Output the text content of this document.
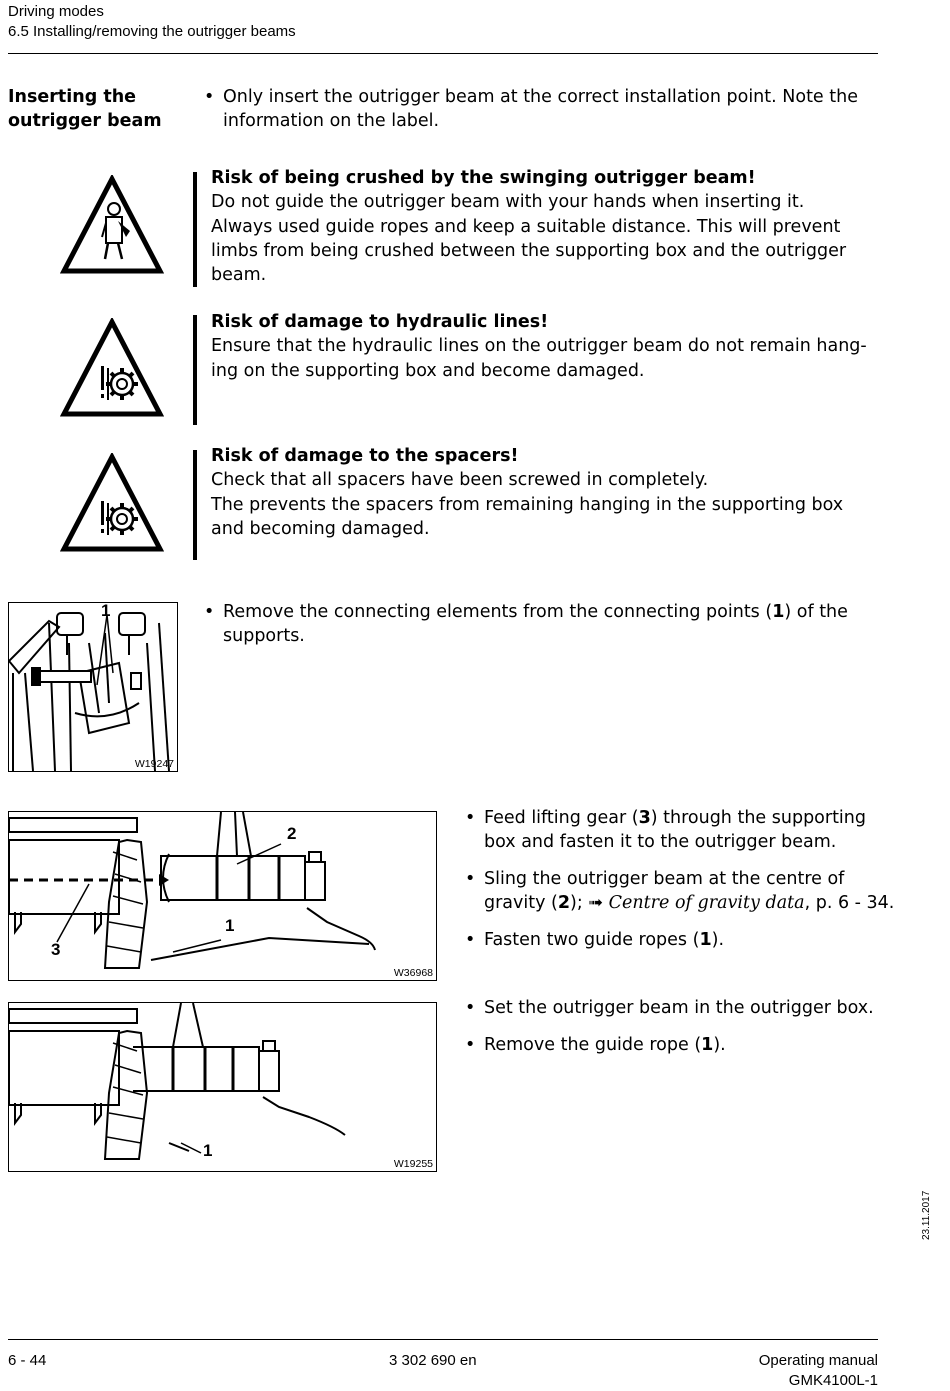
Driving modes
6.5 Installing/removing the outrigger beams
Inserting the
outrigger beam
• Only insert the outrigger beam at the correct installation point. Note the
information on the label.
Risk of being crushed by the swinging outrigger beam!
Do not guide the outrigger beam with your hands when inserting it.
Always used guide ropes and keep a suitable distance. This will prevent
limbs from being crushed between the supporting box and the outrigger
beam.
Risk of damage to hydraulic lines!
Ensure that the hydraulic lines on the outrigger beam do not remain hang-
ing on the supporting box and become damaged.
Risk of damage to the spacers!
Check that all spacers have been screwed in completely.
The prevents the spacers from remaining hanging in the supporting box
and becoming damaged.
1
W19247
• Remove the connecting elements from the connecting points (1) of the
supports.
2
1
3
W36968
• Feed lifting gear (3) through the supporting
box and fasten it to the outrigger beam.
• Sling the outrigger beam at the centre of
gravity (2); ➟ Centre of gravity data, p. 6 - 34.
• Fasten two guide ropes (1).
1
W19255
• Set the outrigger beam in the outrigger box.
• Remove the guide rope (1).
23.11.2017
6 - 44	3 302 690 en	Operating manual
GMK4100L-1
